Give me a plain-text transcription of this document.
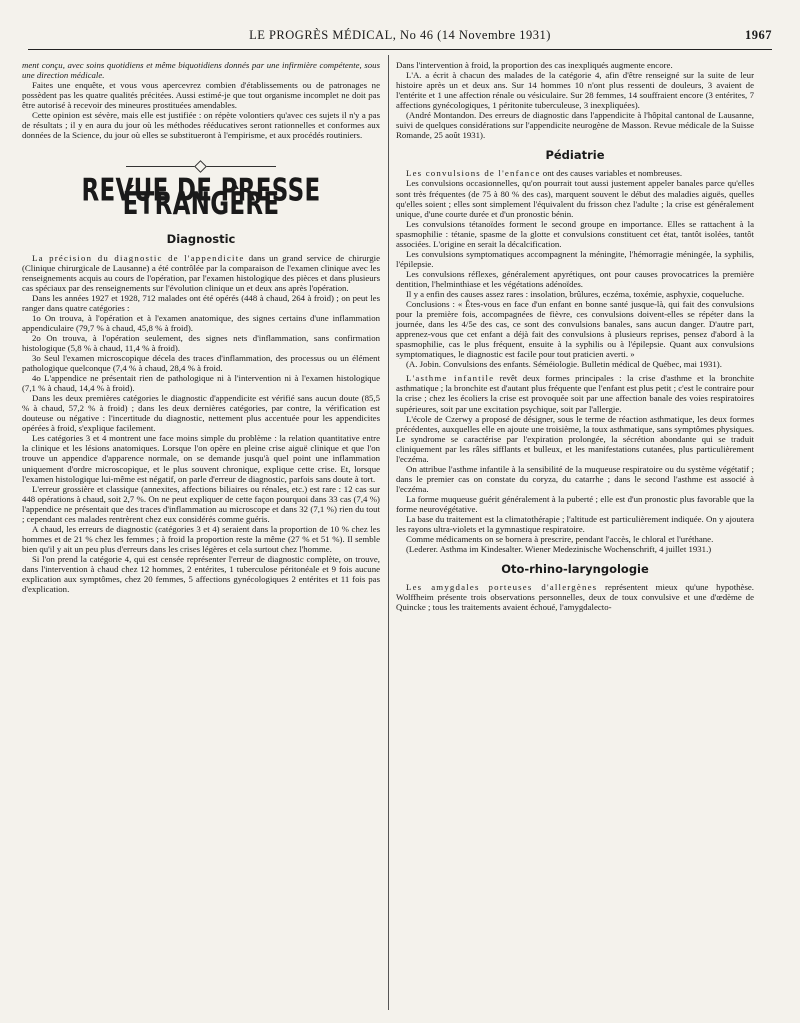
LE PROGRÈS MÉDICAL, No 46 (14 Novembre 1931)	1967

ment conçu, avec soins quotidiens et même biquotidiens donnés par une infirmière compétente, sous une direction médicale.

Faites une enquête, et vous vous apercevrez combien d'établissements ou de patronages ne possèdent pas les quatre qualités précitées. Aussi estimé-je que tout organisme incomplet ne doit pas être autorisé à recevoir des mineures prostituées amendables.

Cette opinion est sévère, mais elle est justifiée : on répète volontiers qu'avec ces sujets il n'y a pas de résultats ; il y en aura du jour où les méthodes rééducatives seront rationnelles et conformes aux données de la Science, du jour où elles se substitueront à l'empirisme, et aux procédés routiniers.

REVUE DE PRESSE ÉTRANGÈRE
Diagnostic

La précision du diagnostic de l'appendicite dans un grand service de chirurgie (Clinique chirurgicale de Lausanne) a été contrôlée par la comparaison de l'examen clinique avec les renseignements acquis au cours de l'opération, par l'examen histologique des pièces et dans plusieurs cas spéciaux par des renseignements sur l'évolution clinique un et deux ans après l'opération.

Dans les années 1927 et 1928, 712 malades ont été opérés (448 à chaud, 264 à froid) ; on peut les ranger dans quatre catégories :

1o On trouva, à l'opération et à l'examen anatomique, des signes certains d'une inflammation appendiculaire (79,7 % à chaud, 45,8 % à froid).

2o On trouva, à l'opération seulement, des signes nets d'inflammation, sans confirmation histologique (5,8 % à chaud, 11,4 % à froid).

3o Seul l'examen microscopique décela des traces d'inflammation, des processus ou un élément pathologique quelconque (7,4 % à chaud, 28,4 % à froid.

4o L'appendice ne présentait rien de pathologique ni à l'intervention ni à l'examen histologique (7,1 % à chaud, 14,4 % à froid).

Dans les deux premières catégories le diagnostic d'appendicite est vérifié sans aucun doute (85,5 % à chaud, 57,2 % à froid) ; dans les deux dernières catégories, par contre, la vérification est douteuse ou négative : l'incertitude du diagnostic, nettement plus accentuée pour les appendicites opérées à froid, s'explique facilement.

Les catégories 3 et 4 montrent une face moins simple du problème : la relation quantitative entre la clinique et les lésions anatomiques. Lorsque l'on opère en pleine crise aiguë clinique et que l'on trouve un appendice d'apparence normale, on se demande jusqu'à quel point une inflammation uniquement d'ordre microscopique, et le plus souvent chronique, explique cette crise. Et, lorsque l'examen histologique lui-même est négatif, on parle d'erreur de diagnostic, parfois sans doute à tort.

L'erreur grossière et classique (annexites, affections biliaires ou rénales, etc.) est rare : 12 cas sur 448 opérations à chaud, soit 2,7 %. On ne peut expliquer de cette façon pourquoi dans 33 cas (7,4 %) l'appendice ne présentait que des traces d'inflammation au microscope et dans 32 (7,1 %) rien du tout ; cependant ces malades rentrèrent chez eux considérés comme guéris.

A chaud, les erreurs de diagnostic (catégories 3 et 4) seraient dans la proportion de 10 % chez les hommes et de 21 % chez les femmes ; à froid la proportion reste la même (27 % et 51 %). Il semble bien qu'il y ait un peu plus d'erreurs dans les crises légères et cela surtout chez l'homme.

Si l'on prend la catégorie 4, qui est censée représenter l'erreur de diagnostic complète, on trouve, dans l'intervention à chaud chez 12 hommes, 2 entérites, 1 tuberculose péritonéale et 9 fois aucune explication aux symptômes, chez 20 femmes, 5 affections gynécologiques 2 entérites et 11 fois pas d'explication.

Dans l'intervention à froid, la proportion des cas inexpliqués augmente encore.

L'A. a écrit à chacun des malades de la catégorie 4, afin d'être renseigné sur la suite de leur histoire après un et deux ans. Sur 14 hommes 10 n'ont plus ressenti de douleurs, 3 avaient de l'entérite et 1 une affection rénale ou vésiculaire. Sur 28 femmes, 14 souffraient encore (3 entérites, 7 affections gynécologiques, 1 péritonite tuberculeuse, 3 inexpliquées).

(André Montandon. Des erreurs de diagnostic dans l'appendicite à l'hôpital cantonal de Lausanne, suivi de quelques considérations sur l'appendicite neurogène de Masson. Revue médicale de la Suisse Romande, 25 août 1931).

Pédiatrie

Les convulsions de l'enfance ont des causes variables et nombreuses.

Les convulsions occasionnelles, qu'on pourrait tout aussi justement appeler banales parce qu'elles sont très fréquentes (de 75 à 80 % des cas), marquent souvent le début des maladies aiguës, quelles qu'elles soient ; elles sont simplement l'équivalent du frisson chez l'adulte ; la crise est généralement unique, d'une courte durée et d'un pronostic bénin.

Les convulsions tétanoïdes forment le second groupe en importance. Elles se rattachent à la spasmophilie : tétanie, spasme de la glotte et convulsions constituent cet état, tantôt isolées, tantôt associées. L'origine en serait la décalcification.

Les convulsions symptomatiques accompagnent la méningite, l'hémorragie méningée, la syphilis, l'épilepsie.

Les convulsions réflexes, généralement apyrétiques, ont pour causes provocatrices la première dentition, l'helminthiase et les végétations adénoïdes.

Il y a enfin des causes assez rares : insolation, brûlures, eczéma, toxémie, asphyxie, coqueluche.

Conclusions : « Êtes-vous en face d'un enfant en bonne santé jusque-là, qui fait des convulsions pour la première fois, accompagnées de fièvre, ces convulsions doivent-elles se répéter dans la journée, dans les 4/5e des cas, ce sont des convulsions banales, sans aucun danger. D'autre part, apprenez-vous que cet enfant a déjà fait des convulsions à plusieurs reprises, pensez d'abord à la spasmophilie, cas le plus fréquent, ensuite à la syphilis ou à l'épilepsie. Quant aux convulsions symptomatiques, le diagnostic est facile pour tout praticien averti. »

(A. Jobin. Convulsions des enfants. Séméiologie. Bulletin médical de Québec, mai 1931).

L'asthme infantile revêt deux formes principales : la crise d'asthme et la bronchite asthmatique ; la bronchite est d'autant plus fréquente que l'enfant est plus petit ; c'est le contraire pour la crise ; chez les écoliers la crise est provoquée soit par une affection banale des voies respiratoires supérieures, soit par une excitation psychique, soit par l'allergie.

L'école de Czerwy a proposé de désigner, sous le terme de réaction asthmatique, les deux formes précédentes, auxquelles elle en ajoute une troisième, la toux asthmatique, sans symptômes physiques. Le syndrome se caractérise par l'expiration prolongée, la sécrétion abondante qui se traduit cliniquement par les râles sifflants et bulleux, et les manifestations cutanées, plus particulièrement l'eczéma.

On attribue l'asthme infantile à la sensibilité de la muqueuse respiratoire ou du système végétatif ; dans le premier cas on constate du coryza, du catarrhe ; dans le second l'asthme est associé à l'eczéma.

La forme muqueuse guérit généralement à la puberté ; elle est d'un pronostic plus favorable que la forme neurovégétative.

La base du traitement est la climatothérapie ; l'altitude est particulièrement indiquée. On y ajoutera les rayons ultra-violets et la gymnastique respiratoire.

Comme médicaments on se bornera à prescrire, pendant l'accès, le chloral et l'uréthane.

(Lederer. Asthma im Kindesalter. Wiener Medezinische Wochenschrift, 4 juillet 1931.)

Oto-rhino-laryngologie

Les amygdales porteuses d'allergènes représentent mieux qu'une hypothèse. Wolffheim présente trois observations personnelles, deux de toux convulsive et une d'œdème de Quincke ; tous les traitements avaient échoué, l'amygdalecto-
